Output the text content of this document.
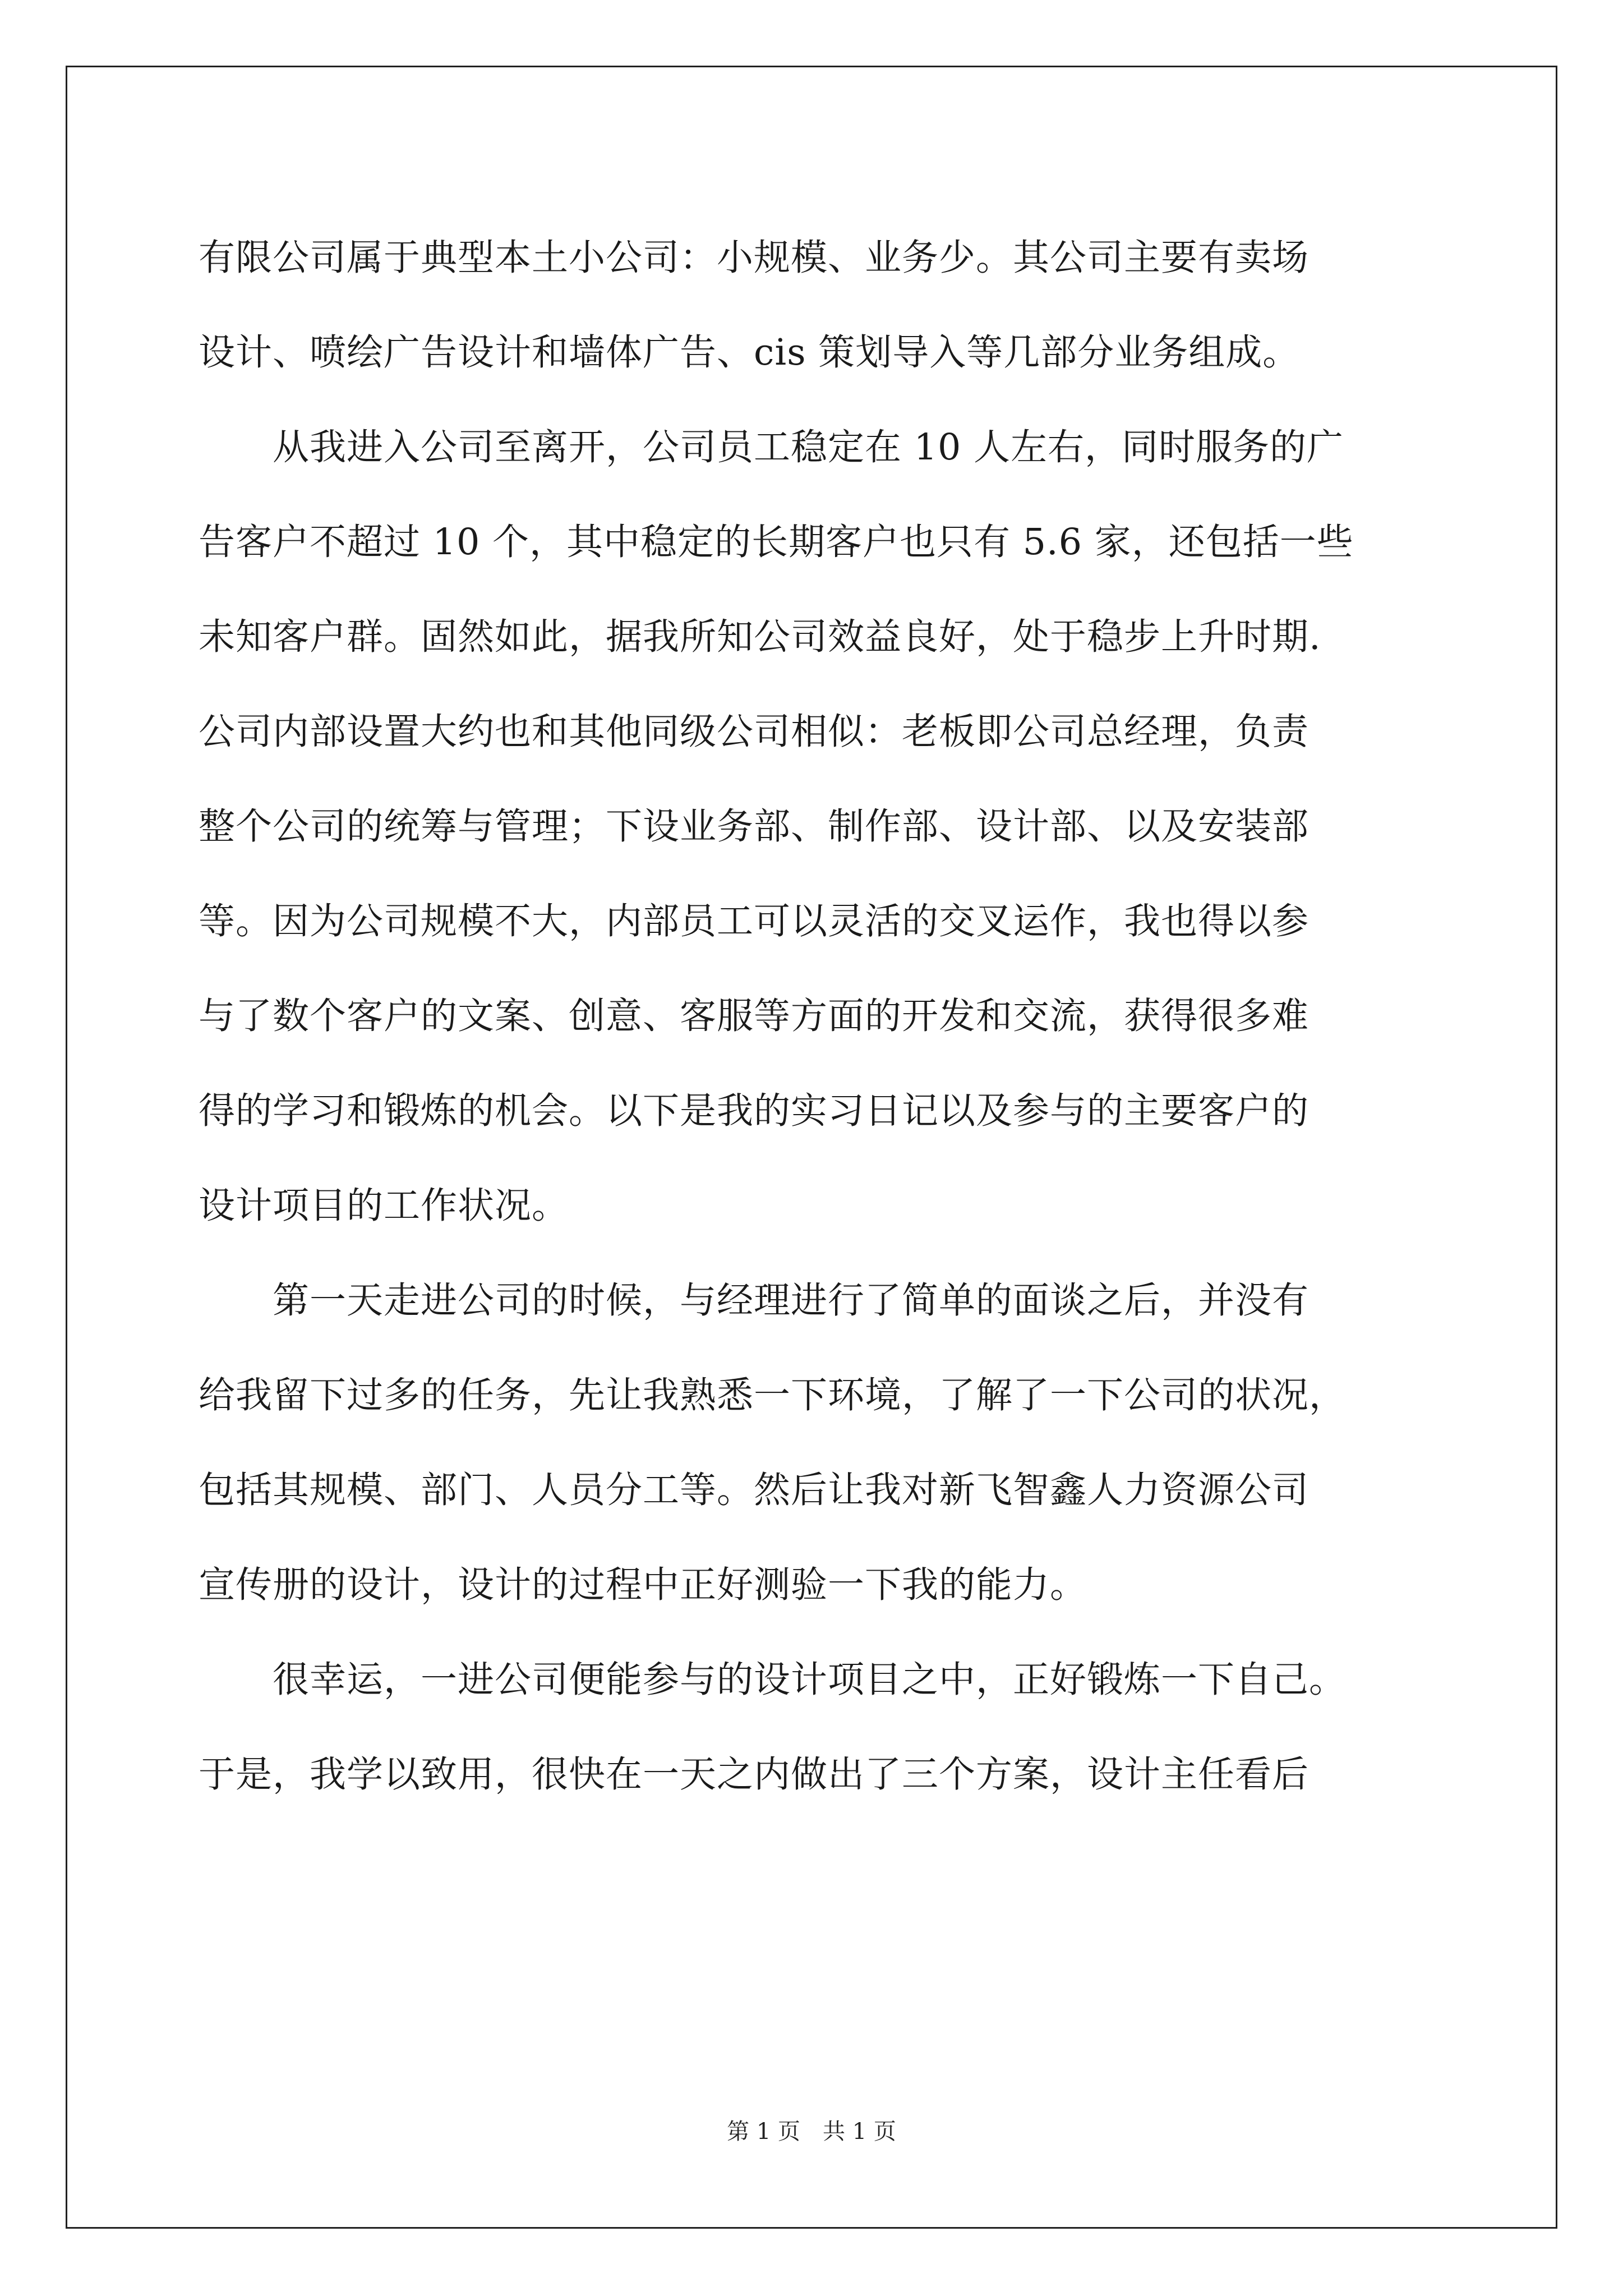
有限公司属于典型本土小公司：小规模、业务少。其公司主要有卖场
设计、喷绘广告设计和墙体广告、cis 策划导入等几部分业务组成。
　　从我进入公司至离开，公司员工稳定在 10 人左右，同时服务的广
告客户不超过 10 个，其中稳定的长期客户也只有 5.6 家，还包括一些
未知客户群。固然如此，据我所知公司效益良好，处于稳步上升时期.
公司内部设置大约也和其他同级公司相似：老板即公司总经理，负责
整个公司的统筹与管理；下设业务部、制作部、设计部、以及安装部
等。因为公司规模不大，内部员工可以灵活的交叉运作，我也得以参
与了数个客户的文案、创意、客服等方面的开发和交流，获得很多难
得的学习和锻炼的机会。以下是我的实习日记以及参与的主要客户的
设计项目的工作状况。
　　第一天走进公司的时候，与经理进行了简单的面谈之后，并没有
给我留下过多的任务，先让我熟悉一下环境，了解了一下公司的状况，
包括其规模、部门、人员分工等。然后让我对新飞智鑫人力资源公司
宣传册的设计，设计的过程中正好测验一下我的能力。
　　很幸运，一进公司便能参与的设计项目之中，正好锻炼一下自己。
于是，我学以致用，很快在一天之内做出了三个方案，设计主任看后
第 1 页　共 1 页
